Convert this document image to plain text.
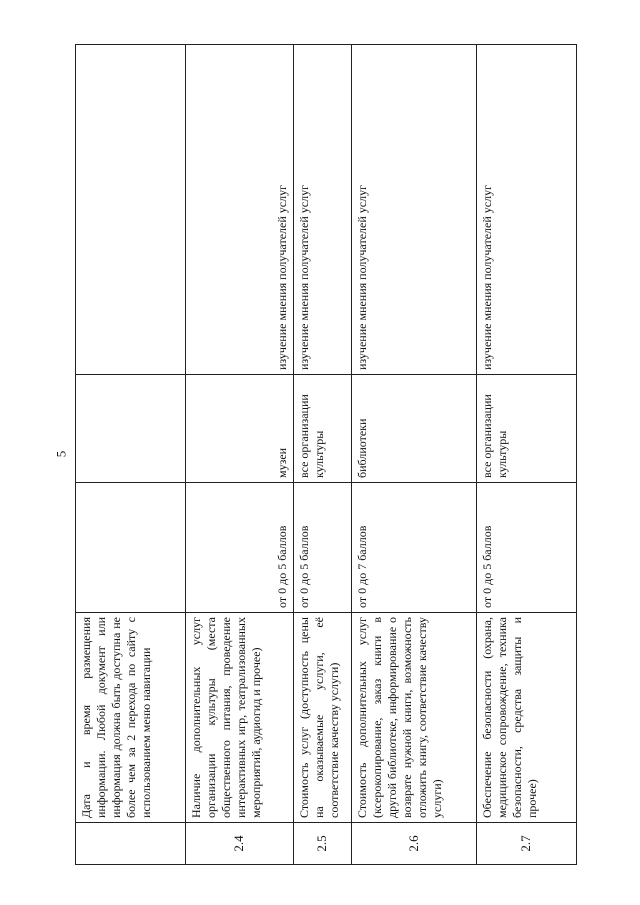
5
	Дата и время размещения информации. Любой документ или информация должна быть доступна не более чем за 2 перехода по сайту с использованием меню навигации			
2.4	Наличие дополнительных услуг организации культуры (места общественного питания, проведение интерактивных игр, театрализованных мероприятий, аудиогид и прочее)	от 0 до 5 баллов	музеи	изучение мнения получателей услуг
2.5	Стоимость услуг (доступность цены на оказываемые услуги, её соответствие качеству услуги)	от 0 до 5 баллов	все организации культуры	изучение мнения получателей услуг
2.6	Стоимость дополнительных услуг (ксерокопирование, заказ книги в другой библиотеке, информирование о возврате нужной книги, возможность отложить книгу, соответствие качеству услуги)	от 0 до 7 баллов	библиотеки	изучение мнения получателей услуг
2.7	Обеспечение безопасности (охрана, медицинское сопровождение, техника безопасности, средства защиты и прочее)	от 0 до 5 баллов	все организации культуры	изучение мнения получателей услуг
